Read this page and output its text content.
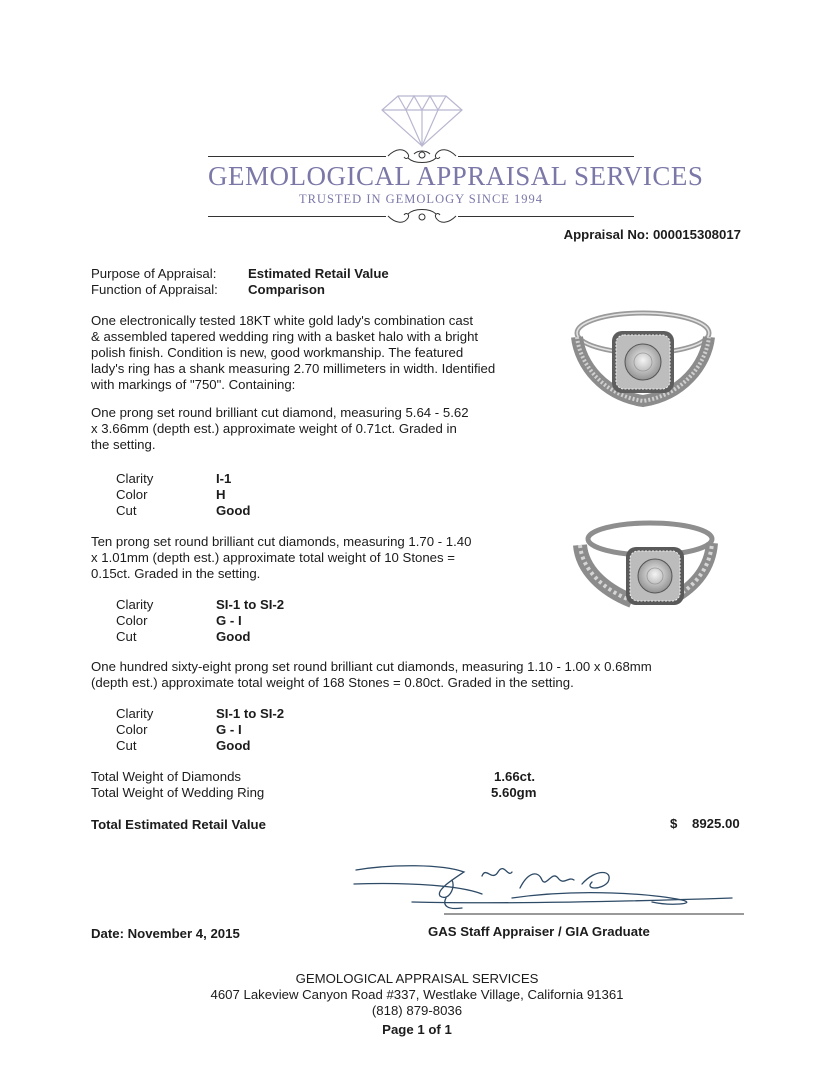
GEMOLOGICAL APPRAISAL SERVICES
TRUSTED IN GEMOLOGY SINCE 1994
Appraisal No: 000015308017
Purpose of Appraisal: Estimated Retail Value
Function of Appraisal: Comparison
One electronically tested 18KT white gold lady's combination cast
& assembled tapered wedding ring with a basket halo with a bright
polish finish. Condition is new, good workmanship. The featured
lady's ring has a shank measuring 2.70 millimeters in width. Identified
with markings of "750". Containing:
One prong set round brilliant cut diamond, measuring 5.64 - 5.62
x 3.66mm (depth est.) approximate weight of 0.71ct. Graded in
the setting.
Clarity	I-1
Color	H
Cut	Good
Ten prong set round brilliant cut diamonds, measuring 1.70 - 1.40
x 1.01mm (depth est.) approximate total weight of 10 Stones =
0.15ct. Graded in the setting.
Clarity	SI-1 to SI-2
Color	G - I
Cut	Good
One hundred sixty-eight prong set round brilliant cut diamonds, measuring 1.10 - 1.00 x 0.68mm
(depth est.) approximate total weight of 168 Stones = 0.80ct. Graded in the setting.
Clarity	SI-1 to SI-2
Color	G - I
Cut	Good
Total Weight of Diamonds	1.66ct.
Total Weight of Wedding Ring	5.60gm
Total Estimated Retail Value	$ 8925.00
Date: November 4, 2015	GAS Staff Appraiser / GIA Graduate
GEMOLOGICAL APPRAISAL SERVICES
4607 Lakeview Canyon Road #337, Westlake Village, California 91361
(818) 879-8036
Page 1 of 1
